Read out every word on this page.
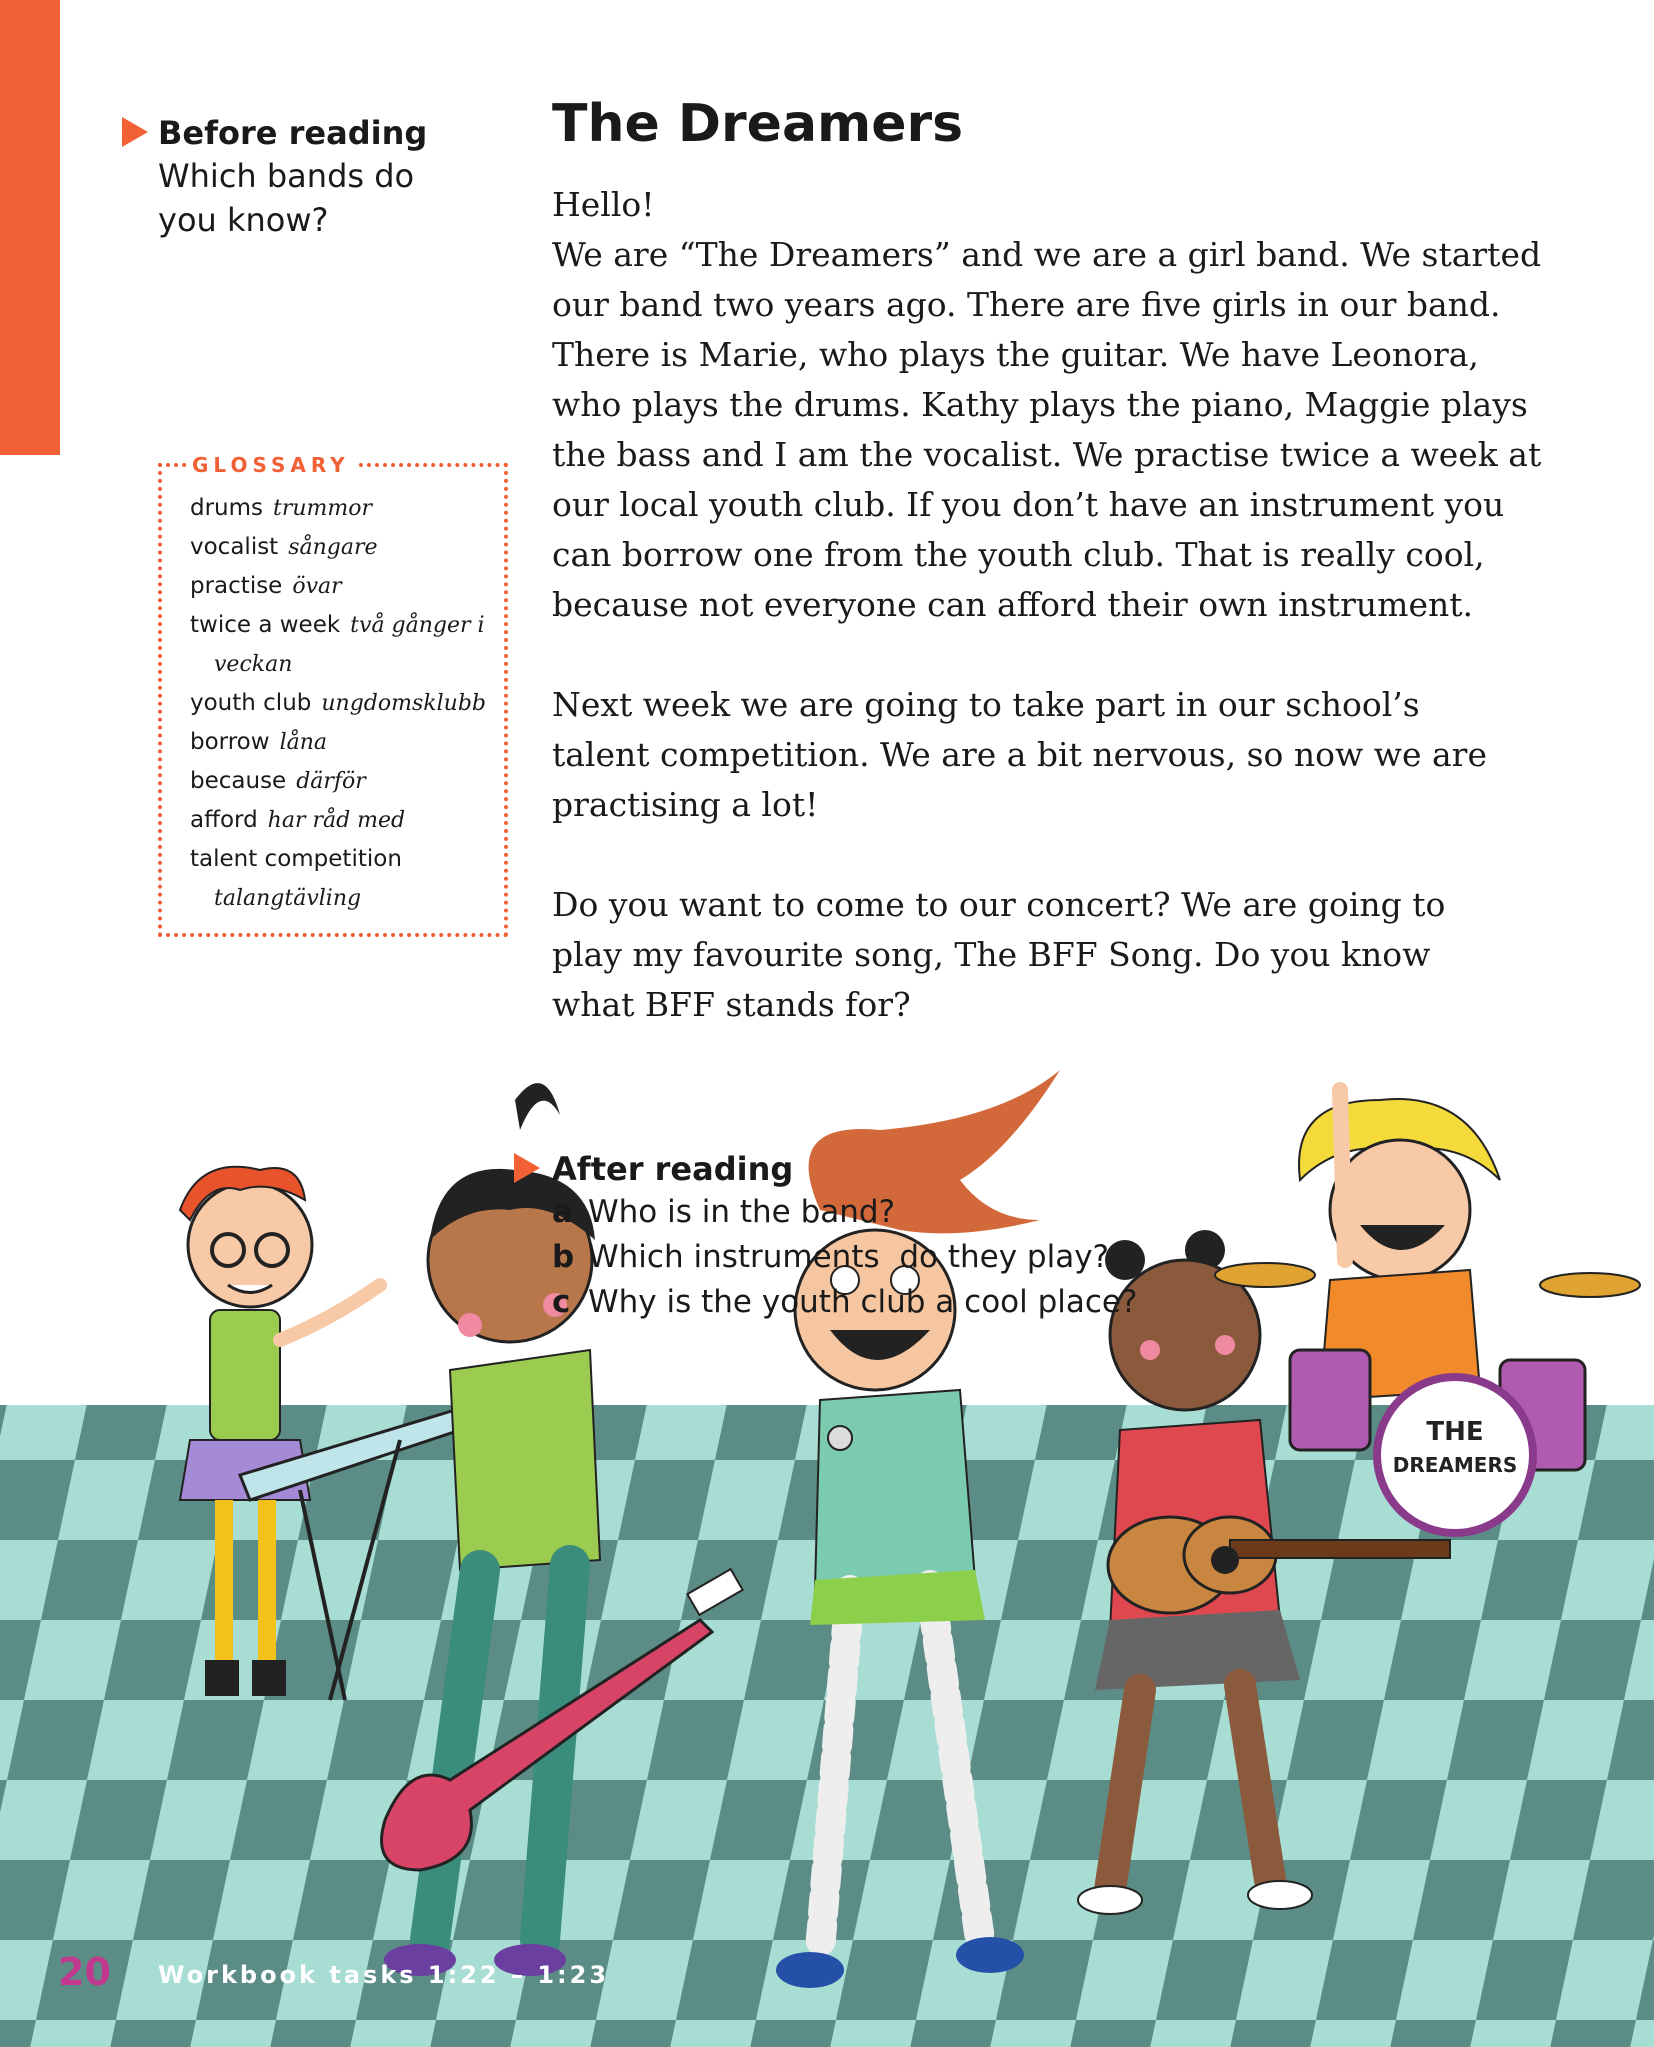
Before reading
Which bands do you know?
GLOSSARY
drums trummor
vocalist sångare
practise övar
twice a week två gånger i
veckan
youth club ungdomsklubb
borrow låna
because därför
afford har råd med
talent competition
talangtävling
The Dreamers

Hello!

We are “The Dreamers” and we are a girl band. We started our band two years ago. There are five girls in our band. There is Marie, who plays the guitar. We have Leonora, who plays the drums. Kathy plays the piano, Maggie plays the bass and I am the vocalist. We practise twice a week at our local youth club. If you don’t have an instrument you can borrow one from the youth club. That is really cool, because not everyone can afford their own instrument.

Next week we are going to take part in our school’s talent competition. We are a bit nervous, so now we are practising a lot!

Do you want to come to our concert? We are going to play my favourite song, The BFF Song. Do you know what BFF stands for?

THE
DREAMERS
After reading
a Who is in the band?
b Which instruments  do they play?
c Why is the youth club a cool place?
20 Workbook tasks 1:22 – 1:23
